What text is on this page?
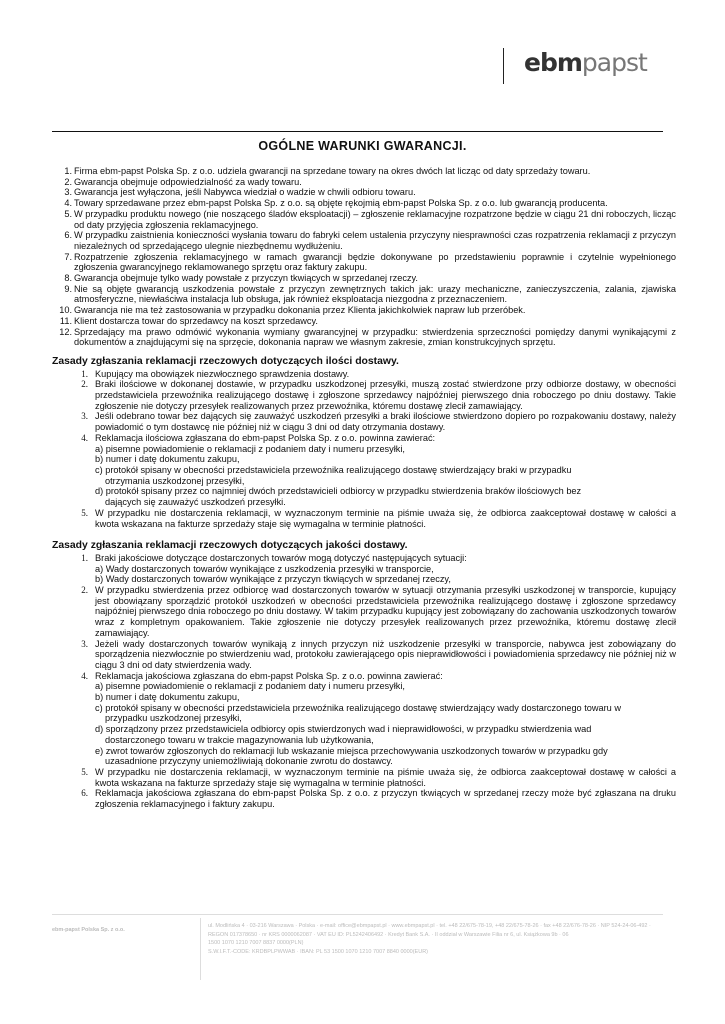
ebmpapst
OGÓLNE WARUNKI GWARANCJI.
1. Firma ebm-papst Polska Sp. z o.o. udziela gwarancji na sprzedane towary na okres dwóch lat licząc od daty sprzedaży towaru.
2. Gwarancja obejmuje odpowiedzialność za wady towaru.
3. Gwarancja jest wyłączona, jeśli Nabywca wiedział o wadzie w chwili odbioru towaru.
4. Towary sprzedawane przez ebm-papst Polska Sp. z o.o. są objęte rękojmią ebm-papst Polska Sp. z o.o. lub gwarancją producenta.
5. W przypadku produktu nowego (nie noszącego śladów eksploatacji) – zgłoszenie reklamacyjne rozpatrzone będzie w ciągu 21 dni roboczych, licząc od daty przyjęcia zgłoszenia reklamacyjnego.
6. W przypadku zaistnienia konieczności wysłania towaru do fabryki celem ustalenia przyczyny niesprawności czas rozpatrzenia reklamacji z przyczyn niezależnych od sprzedającego ulegnie niezbędnemu wydłużeniu.
7. Rozpatrzenie zgłoszenia reklamacyjnego w ramach gwarancji będzie dokonywane po przedstawieniu poprawnie i czytelnie wypełnionego zgłoszenia gwarancyjnego reklamowanego sprzętu oraz faktury zakupu.
8. Gwarancja obejmuje tylko wady powstałe z przyczyn tkwiących w sprzedanej rzeczy.
9. Nie są objęte gwarancją uszkodzenia powstałe z przyczyn zewnętrznych takich jak: urazy mechaniczne, zanieczyszczenia, zalania, zjawiska atmosferyczne, niewłaściwa instalacja lub obsługa, jak również eksploatacja niezgodna z przeznaczeniem.
10. Gwarancja nie ma też zastosowania w przypadku dokonania przez Klienta jakichkolwiek napraw lub przeróbek.
11. Klient dostarcza towar do sprzedawcy na koszt sprzedawcy.
12. Sprzedający ma prawo odmówić wykonania wymiany gwarancyjnej w przypadku: stwierdzenia sprzeczności pomiędzy danymi wynikającymi z dokumentów a znajdującymi się na sprzęcie, dokonania napraw we własnym zakresie, zmian konstrukcyjnych sprzętu.
Zasady zgłaszania reklamacji rzeczowych dotyczących ilości dostawy.
1. Kupujący ma obowiązek niezwłocznego sprawdzenia dostawy.
2. Braki ilościowe w dokonanej dostawie, w przypadku uszkodzonej przesyłki, muszą zostać stwierdzone przy odbiorze dostawy, w obecności przedstawiciela przewoźnika realizującego dostawę i zgłoszone sprzedawcy najpóźniej pierwszego dnia roboczego po dniu dostawy. Takie zgłoszenie nie dotyczy przesyłek realizowanych przez przewoźnika, któremu dostawę zlecił zamawiający.
3. Jeśli odebrano towar bez dających się zauważyć uszkodzeń przesyłki a braki ilościowe stwierdzono dopiero po rozpakowaniu dostawy, należy powiadomić o tym dostawcę nie później niż w ciągu 3 dni od daty otrzymania dostawy.
4. Reklamacja ilościowa zgłaszana do ebm-papst Polska Sp. z o.o. powinna zawierać:
a) pisemne powiadomienie o reklamacji z podaniem daty i numeru przesyłki,
b) numer i datę dokumentu zakupu,
c) protokół spisany w obecności przedstawiciela przewoźnika realizującego dostawę stwierdzający braki w przypadku
otrzymania uszkodzonej przesyłki,
d) protokół spisany przez co najmniej dwóch przedstawicieli odbiorcy w przypadku stwierdzenia braków ilościowych bez
dających się zauważyć uszkodzeń przesyłki.
5. W przypadku nie dostarczenia reklamacji, w wyznaczonym terminie na piśmie uważa się, że odbiorca zaakceptował dostawę w całości a kwota wskazana na fakturze sprzedaży staje się wymagalna w terminie płatności.
Zasady zgłaszania reklamacji rzeczowych dotyczących jakości dostawy.
1. Braki jakościowe dotyczące dostarczonych towarów mogą dotyczyć następujących sytuacji:
a) Wady dostarczonych towarów wynikające z uszkodzenia przesyłki w transporcie,
b) Wady dostarczonych towarów wynikające z przyczyn tkwiących w sprzedanej rzeczy,
2. W przypadku stwierdzenia przez odbiorcę wad dostarczonych towarów w sytuacji otrzymania przesyłki uszkodzonej w transporcie, kupujący jest obowiązany sporządzić protokół uszkodzeń w obecności przedstawiciela przewoźnika realizującego dostawę i zgłoszone sprzedawcy najpóźniej pierwszego dnia roboczego po dniu dostawy. W takim przypadku kupujący jest zobowiązany do zachowania uszkodzonych towarów wraz z kompletnym opakowaniem. Takie zgłoszenie nie dotyczy przesyłek realizowanych przez przewoźnika, któremu dostawę zlecił zamawiający.
3. Jeżeli wady dostarczonych towarów wynikają z innych przyczyn niż uszkodzenie przesyłki w transporcie, nabywca jest zobowiązany do sporządzenia niezwłocznie po stwierdzeniu wad, protokołu zawierającego opis nieprawidłowości i powiadomienia sprzedawcy nie później niż w ciągu 3 dni od daty stwierdzenia wady.
4. Reklamacja jakościowa zgłaszana do ebm-papst Polska Sp. z o.o. powinna zawierać:
a) pisemne powiadomienie o reklamacji z podaniem daty i numeru przesyłki,
b) numer i datę dokumentu zakupu,
c) protokół spisany w obecności przedstawiciela przewoźnika realizującego dostawę stwierdzający wady dostarczonego towaru w
przypadku uszkodzonej przesyłki,
d) sporządzony przez przedstawiciela odbiorcy opis stwierdzonych wad i nieprawidłowości, w przypadku stwierdzenia wad
dostarczonego towaru w trakcie magazynowania lub użytkowania,
e) zwrot towarów zgłoszonych do reklamacji lub wskazanie miejsca przechowywania uszkodzonych towarów w przypadku gdy
uzasadnione przyczyny uniemożliwiają dokonanie zwrotu do dostawcy.
5. W przypadku nie dostarczenia reklamacji, w wyznaczonym terminie na piśmie uważa się, że odbiorca zaakceptował dostawę w całości a kwota wskazana na fakturze sprzedaży staje się wymagalna w terminie płatności.
6. Reklamacja jakościowa zgłaszana do ebm-papst Polska Sp. z o.o. z przyczyn tkwiących w sprzedanej rzeczy może być zgłaszana na druku zgłoszenia reklamacyjnego i faktury zakupu.
ebm-papst Polska Sp. z o.o.
ul. Modlińska 4 · 03-216 Warszawa · Polska · e-mail: office@ebmpapst.pl · www.ebmpapst.pl · tel. +48 22/675-78-19, +48 22/675-78-26 · fax +48 22/676-78-26 · NIP 524-24-06-492 · REGON 017378650 · nr KRS 0000062087 · VAT EU ID: PL5242406492 · Kredyt Bank S.A. · II oddział w Warszawie Filia nr 6, ul. Książkowa 9b · 06
1500 1070 1210 7007 8837 0000(PLN)
S.W.I.F.T.-CODE: KRDBPLPWWAB · IBAN: PL 53 1500 1070 1210 7007 8840 0000(EUR)
